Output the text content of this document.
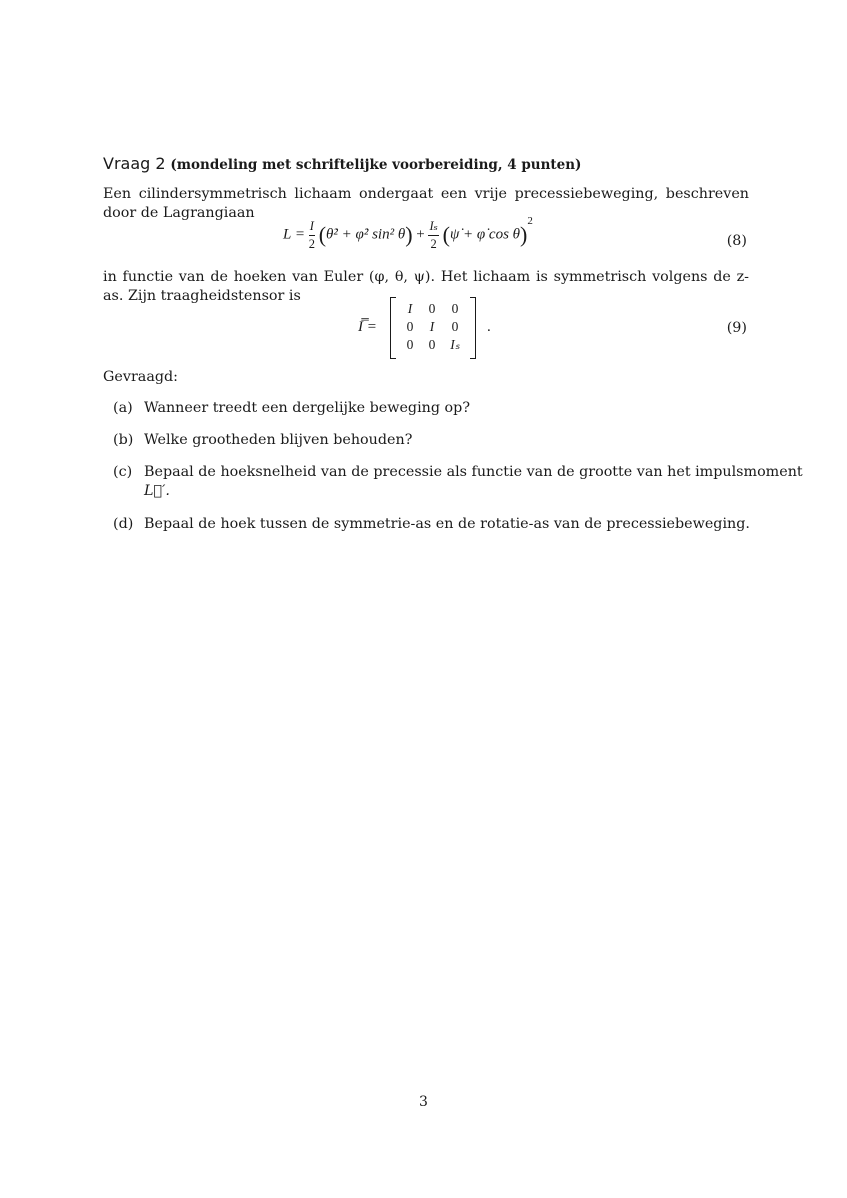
Vraag 2 (mondeling met schriftelijke voorbereiding, 4 punten)
Een cilindersymmetrisch lichaam ondergaat een vrije precessiebeweging, beschreven door de Lagrangiaan
$L = \frac{I}{2}$ (θ̇² + φ̇² sin² $\theta) + \frac{\text{Iₛ}}{2}$ (ψ̇ + φ̇ cos θ)$^2$
(8)
in functie van de hoeken van Euler (φ, θ, ψ). Het lichaam is symmetrisch volgens de z-as. Zijn traagheidstensor is
I̿ =
I	0	0
0	I	0
0	0	Iₛ
.	(9)
Gevraagd:
(a) Wanneer treedt een dergelijke beweging op?
(b) Welke grootheden blijven behouden?
(c) Bepaal de hoeksnelheid van de precessie als functie van de grootte van het impulsmoment
L⃗′.
(d) Bepaal de hoek tussen de symmetrie-as en de rotatie-as van de precessiebeweging.
3
